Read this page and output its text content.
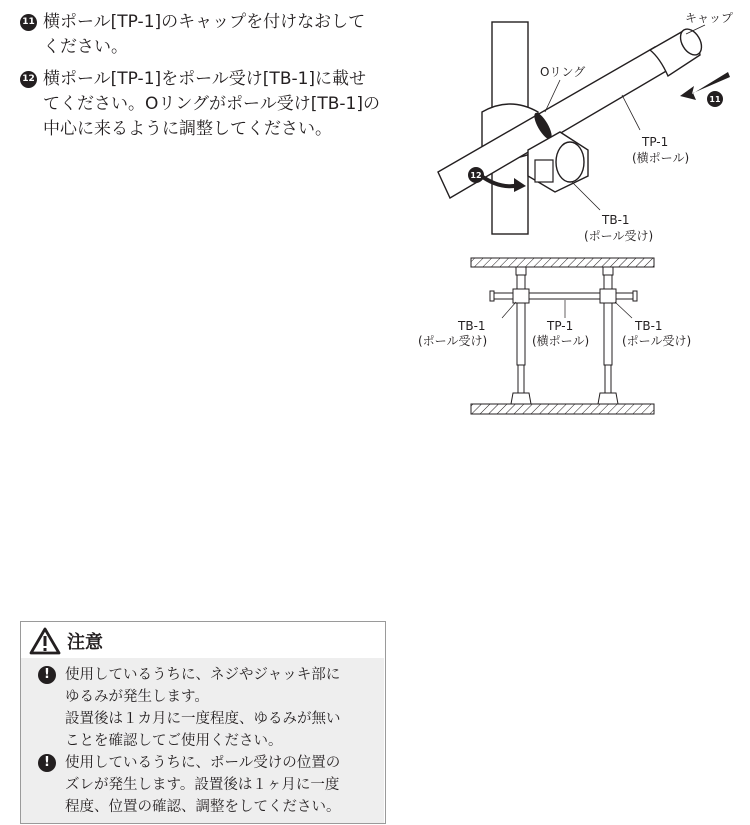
11 横ポール[TP-1]のキャップを付けなおして
ください。
12 横ポール[TP-1]をポール受け[TB-1]に載せ
てください。Oリングがポール受け[TB-1]の
中心に来るように調整してください。
キャップ
Oリング
TP-1
(横ポール)
TB-1
(ポール受け)
11
12
TB-1
(ポール受け)
TP-1
(横ポール)
TB-1
(ポール受け)
注意
!	使用しているうちに、ネジやジャッキ部に
ゆるみが発生します。
設置後は１カ月に一度程度、ゆるみが無い
ことを確認してご使用ください。
!	使用しているうちに、ポール受けの位置の
ズレが発生します。設置後は１ヶ月に一度
程度、位置の確認、調整をしてください。
